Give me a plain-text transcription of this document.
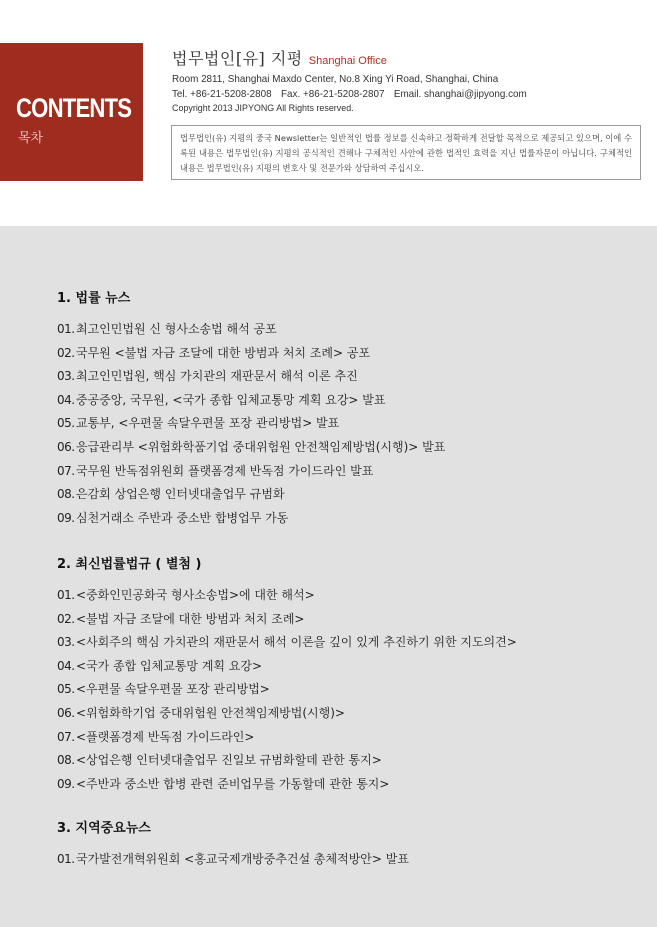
CONTENTS
목차
법무법인[유] 지평 Shanghai Office
Room 2811, Shanghai Maxdo Center, No.8 Xing Yi Road, Shanghai, China
Tel. +86-21-5208-2808 Fax. +86-21-5208-2807 Email. shanghai@jipyong.com
Copyright 2013 JIPYONG All Rights reserved.
법무법인(유) 지평의 중국 Newsletter는 일반적인 법률 정보를 신속하고 정확하게 전달할 목적으로 제공되고 있으며, 이에 수록된 내용은 법무법인(유) 지평의 공식적인 견해나 구체적인 사안에 관한 법적인 효력을 지닌 법률자문이 아닙니다. 구체적인 내용은 법무법인(유) 지평의 변호사 및 전문가와 상담하여 주십시오.
1. 법률 뉴스
01.최고인민법원 신 형사소송법 해석 공포
02.국무원 <불법 자금 조달에 대한 방범과 처치 조례> 공포
03.최고인민법원, 핵심 가치관의 재판문서 해석 이론 추진
04.중공중앙, 국무원, <국가 종합 입체교통망 계획 요강> 발표
05.교통부, <우편물 속달우편물 포장 관리방법> 발표
06.응급관리부 <위험화학품기업 중대위험원 안전책임제방법(시행)> 발표
07.국무원 반독점위원회 플랫폼경제 반독점 가이드라인 발표
08.은감회 상업은행 인터넷대출업무 규범화
09.심천거래소 주반과 중소반 합병업무 가동
2. 최신법률법규 ( 별첨 )
01.<중화인민공화국 형사소송법>에 대한 해석>
02.<불법 자금 조달에 대한 방범과 처치 조례>
03.<사회주의 핵심 가치관의 재판문서 해석 이론을 깊이 있게 추진하기 위한 지도의견>
04.<국가 종합 입체교통망 계획 요강>
05.<우편물 속달우편물 포장 관리방법>
06.<위험화학기업 중대위험원 안전책임제방법(시행)>
07.<플랫폼경제 반독점 가이드라인>
08.<상업은행 인터넷대출업무 진일보 규범화할데 관한 통지>
09.<주반과 중소반 합병 관련 준비업무를 가동할데 관한 통지>
3. 지역중요뉴스
01.국가발전개혁위원회 <홍교국제개방중추건설 총체적방안> 발표
